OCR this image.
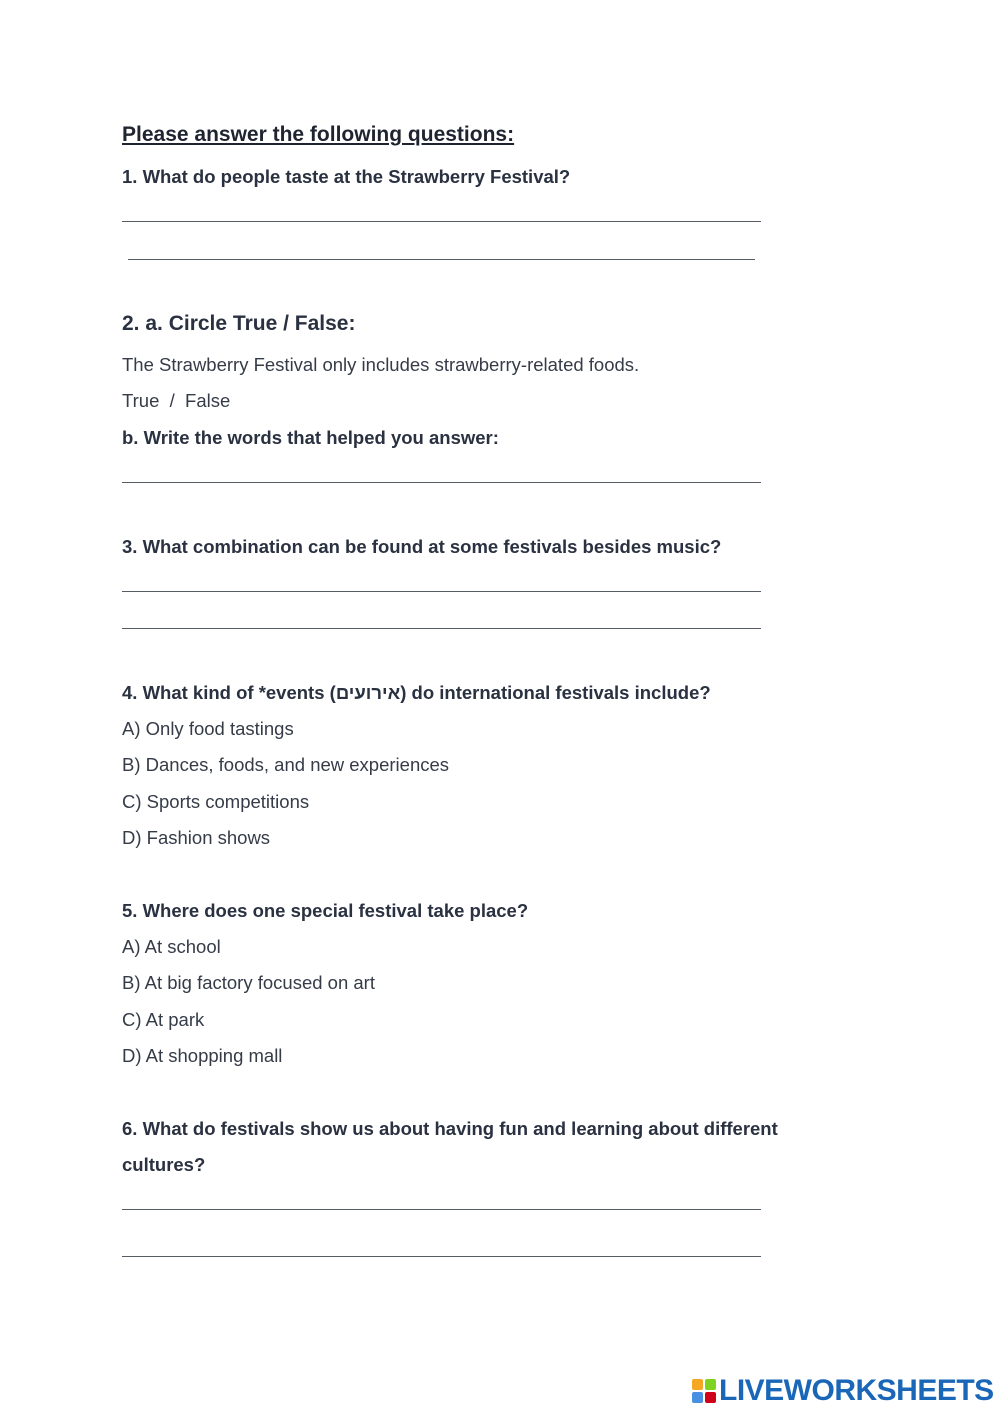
Please answer the following questions:
1. What do people taste at the Strawberry Festival?
2. a. Circle True / False:
The Strawberry Festival only includes strawberry-related foods.
True  /  False
b. Write the words that helped you answer:
3. What combination can be found at some festivals besides music?
4. What kind of *events (אירועים) do international festivals include?
A) Only food tastings
B) Dances, foods, and new experiences
C) Sports competitions
D) Fashion shows
5. Where does one special festival take place?
A) At school
B) At big factory focused on art
C) At park
D) At shopping mall
6. What do festivals show us about having fun and learning about different
cultures?
LIVEWORKSHEETS
